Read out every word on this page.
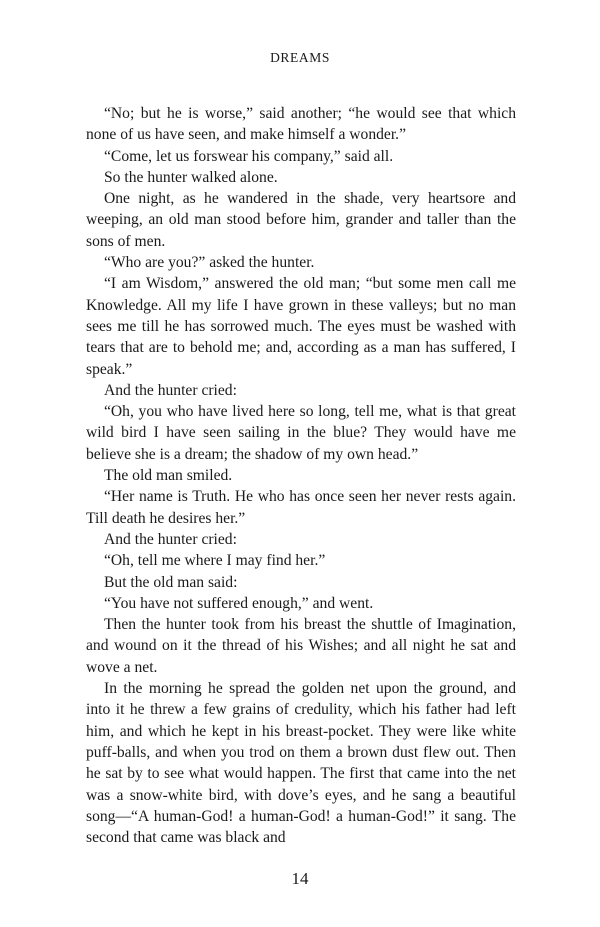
DREAMS

“No; but he is worse,” said another; “he would see that which none of us have seen, and make himself a wonder.”

“Come, let us forswear his company,” said all.

So the hunter walked alone.

One night, as he wandered in the shade, very heartsore and weeping, an old man stood before him, grander and taller than the sons of men.

“Who are you?” asked the hunter.

“I am Wisdom,” answered the old man; “but some men call me Knowledge. All my life I have grown in these valleys; but no man sees me till he has sorrowed much. The eyes must be washed with tears that are to behold me; and, according as a man has suffered, I speak.”

And the hunter cried:

“Oh, you who have lived here so long, tell me, what is that great wild bird I have seen sailing in the blue? They would have me believe she is a dream; the shadow of my own head.”

The old man smiled.

“Her name is Truth. He who has once seen her never rests again. Till death he desires her.”

And the hunter cried:

“Oh, tell me where I may find her.”

But the old man said:

“You have not suffered enough,” and went.

Then the hunter took from his breast the shuttle of Imagination, and wound on it the thread of his Wishes; and all night he sat and wove a net.

In the morning he spread the golden net upon the ground, and into it he threw a few grains of credulity, which his father had left him, and which he kept in his breast-pocket. They were like white puff-balls, and when you trod on them a brown dust flew out. Then he sat by to see what would happen. The first that came into the net was a snow-white bird, with dove’s eyes, and he sang a beautiful song—“A human-God! a human-God! a human-God!” it sang. The second that came was black and

14
